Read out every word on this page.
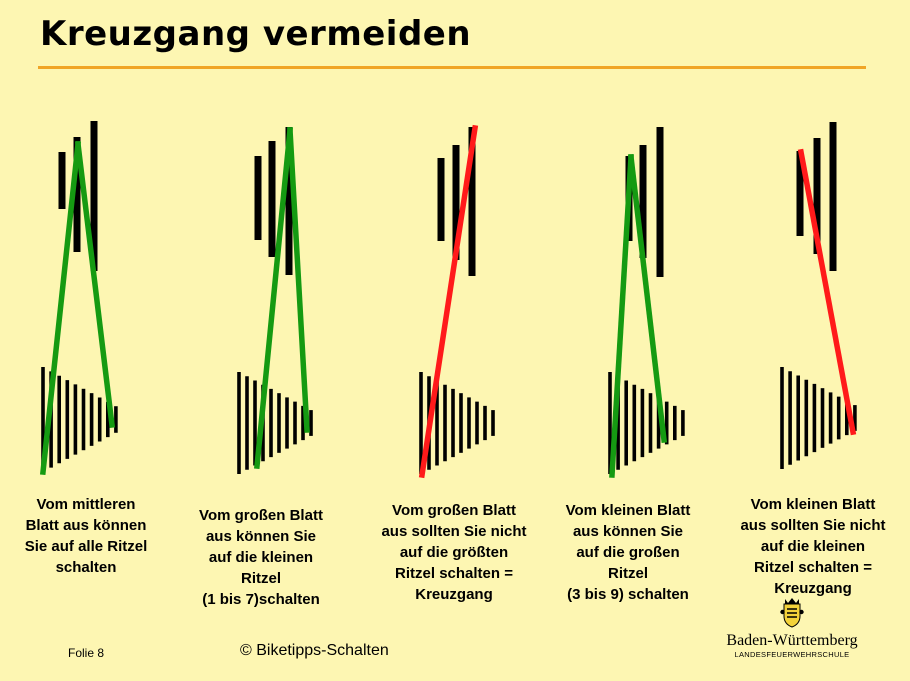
Kreuzgang vermeiden
Vom mittleren
Blatt aus können
Sie auf alle Ritzel
schalten
Vom großen Blatt
aus können Sie
auf die kleinen
Ritzel
(1 bis 7)schalten
Vom großen Blatt
aus sollten Sie nicht
auf die größten
Ritzel schalten =
Kreuzgang
Vom kleinen Blatt
aus können Sie
auf die großen
Ritzel
(3 bis 9) schalten
Vom kleinen Blatt
aus sollten Sie nicht
auf die kleinen
Ritzel schalten =
Kreuzgang
Folie 8	© Biketipps-Schalten
Baden-Württemberg
LANDESFEUERWEHRSCHULE
